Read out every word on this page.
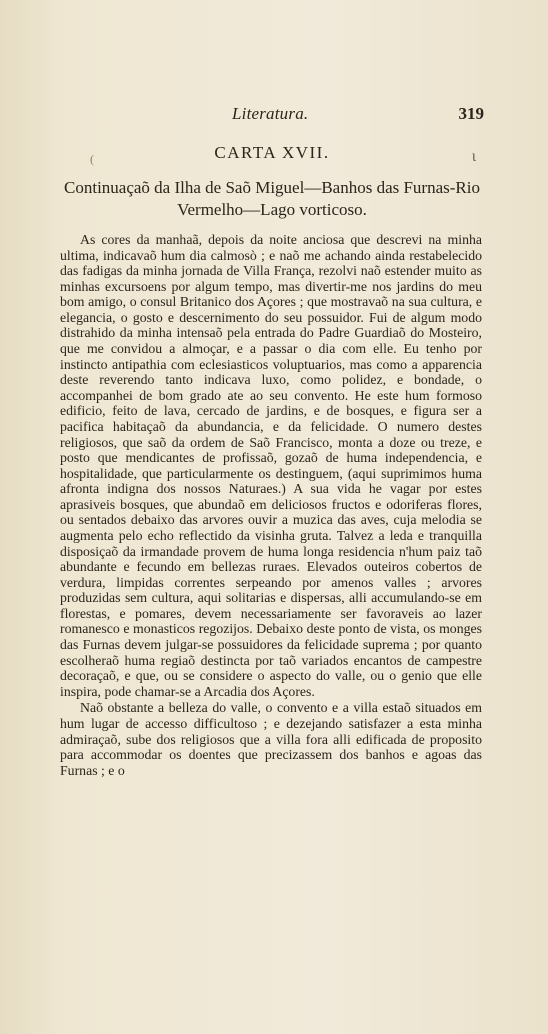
Literatura.	319
(	ɩ
CARTA XVII.
Continuaçaõ da Ilha de Saõ Miguel—Banhos das Furnas-Rio Vermelho—Lago vorticoso.

As cores da manhaã, depois da noite anciosa que descrevi na minha ultima, indicavaõ hum dia calmosò ; e naõ me achando ainda restabelecido das fadigas da minha jornada de Villa França, rezolvi naõ estender muito as minhas excursoens por algum tempo, mas divertir-me nos jardins do meu bom amigo, o consul Britanico dos Açores ; que mostravaõ na sua cultura, e elegancia, o gosto e descernimento do seu possuidor. Fui de algum modo distrahido da minha intensaõ pela entrada do Padre Guardiaõ do Mosteiro, que me convidou a almoçar, e a passar o dia com elle. Eu tenho por instincto antipathia com eclesiasticos voluptuarios, mas como a apparencia deste reverendo tanto indicava luxo, como polidez, e bondade, o accompanhei de bom grado ate ao seu convento. He este hum formoso edificio, feito de lava, cercado de jardins, e de bosques, e figura ser a pacifica habitaçaõ da abundancia, e da felicidade. O numero destes religiosos, que saõ da ordem de Saõ Francisco, monta a doze ou treze, e posto que mendicantes de profissaõ, gozaõ de huma independencia, e hospitalidade, que particularmente os destinguem, (aqui suprimimos huma afronta indigna dos nossos Naturaes.) A sua vida he vagar por estes aprasiveis bosques, que abundaõ em deliciosos fructos e odoriferas flores, ou sentados debaixo das arvores ouvir a muzica das aves, cuja melodia se augmenta pelo echo reflectido da visinha gruta. Talvez a leda e tranquilla disposiçaõ da irmandade provem de huma longa residencia n'hum paiz taõ abundante e fecundo em bellezas ruraes. Elevados outeiros cobertos de verdura, limpidas correntes serpeando por amenos valles ; arvores produzidas sem cultura, aqui solitarias e dispersas, alli accumulando-se em florestas, e pomares, devem necessariamente ser favoraveis ao lazer romanesco e monasticos regozijos. Debaixo deste ponto de vista, os monges das Furnas devem julgar-se possuidores da felicidade suprema ; por quanto escolheraõ huma regiaõ destincta por taõ variados encantos de campestre decoraçaõ, e que, ou se considere o aspecto do valle, ou o genio que elle inspira, pode chamar-se a Arcadia dos Açores.

Naõ obstante a belleza do valle, o convento e a villa estaõ situados em hum lugar de accesso difficultoso ; e dezejando satisfazer a esta minha admiraçaõ, sube dos religiosos que a villa fora alli edificada de proposito para accommodar os doentes que precizassem dos banhos e agoas das Furnas ; e o
